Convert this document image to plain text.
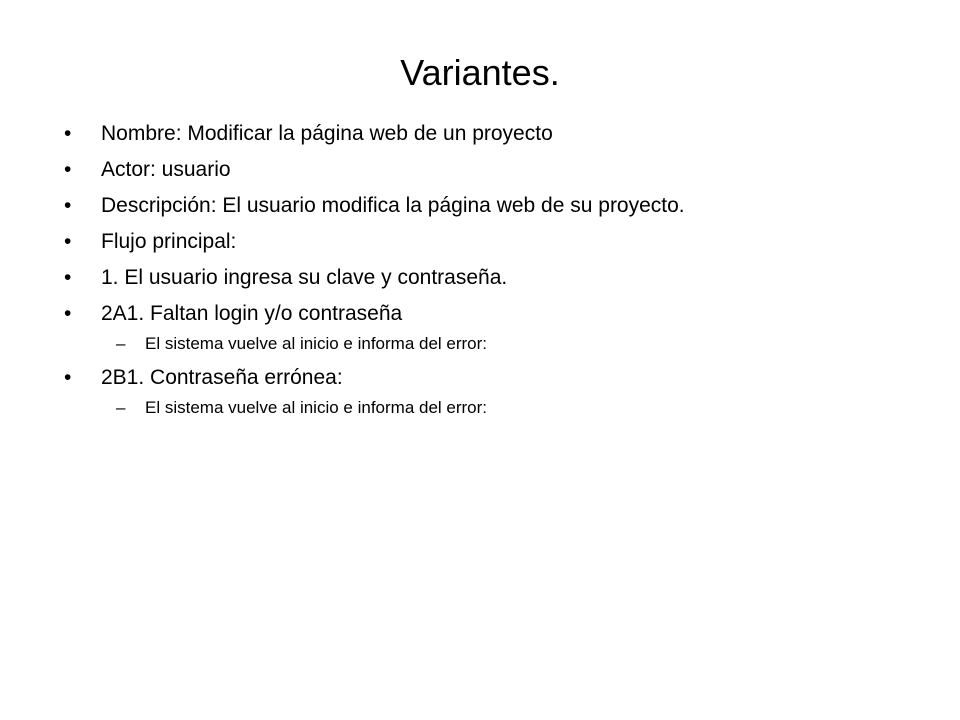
Variantes.
• Nombre: Modificar la página web de un proyecto
• Actor: usuario
• Descripción: El usuario modifica la página web de su proyecto.
• Flujo principal:
• 1. El usuario ingresa su clave y contraseña.
• 2A1. Faltan login y/o contraseña
– El sistema vuelve al inicio e informa del error:
• 2B1. Contraseña errónea:
– El sistema vuelve al inicio e informa del error:
